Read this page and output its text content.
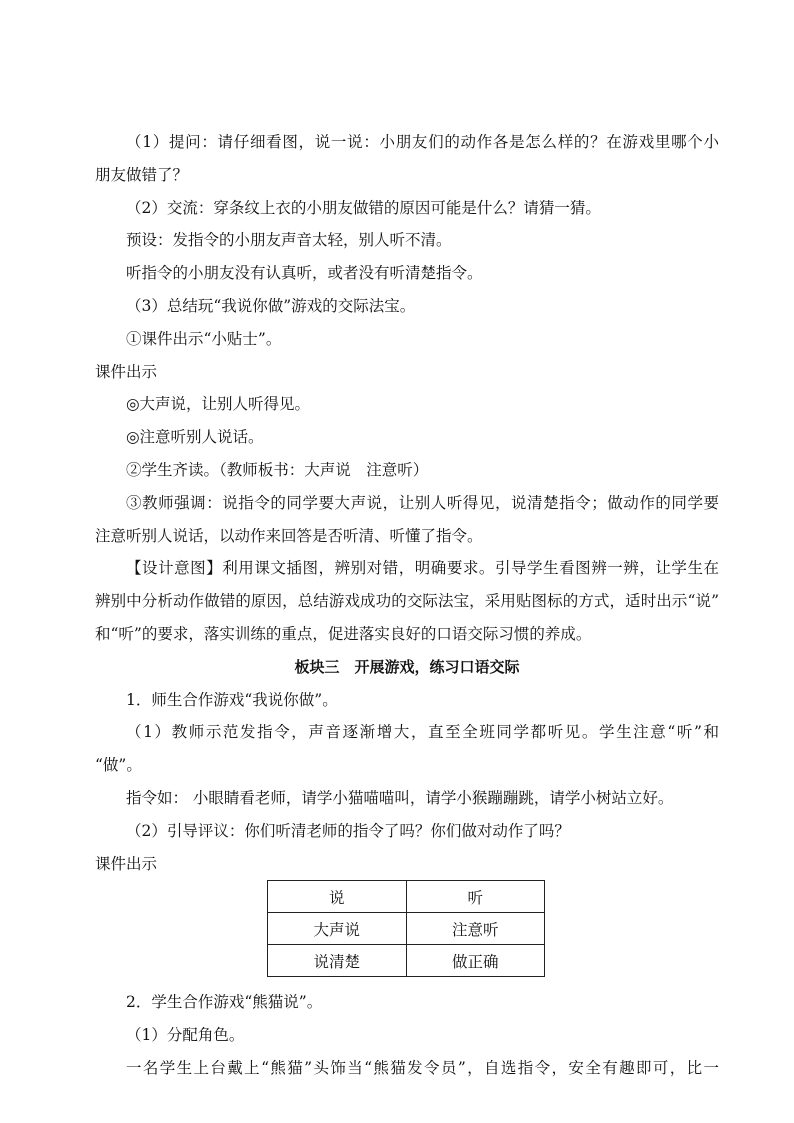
（1）提问：请仔细看图，说一说：小朋友们的动作各是怎么样的？在游戏里哪个小
朋友做错了？
（2）交流：穿条纹上衣的小朋友做错的原因可能是什么？请猜一猜。
预设：发指令的小朋友声音太轻，别人听不清。
听指令的小朋友没有认真听，或者没有听清楚指令。
（3）总结玩“我说你做”游戏的交际法宝。
①课件出示“小贴士”。
课件出示
◎大声说，让别人听得见。
◎注意听别人说话。
②学生齐读。（教师板书：大声说　注意听）
③教师强调：说指令的同学要大声说，让别人听得见，说清楚指令；做动作的同学要
注意听别人说话，以动作来回答是否听清、听懂了指令。
【设计意图】利用课文插图，辨别对错，明确要求。引导学生看图辨一辨，让学生在
辨别中分析动作做错的原因，总结游戏成功的交际法宝，采用贴图标的方式，适时出示“说”
和“听”的要求，落实训练的重点，促进落实良好的口语交际习惯的养成。
板块三　开展游戏，练习口语交际
1．师生合作游戏“我说你做”。
（1）教师示范发指令，声音逐渐增大，直至全班同学都听见。学生注意“听”和
“做”。
指令如： 小眼睛看老师，请学小猫喵喵叫，请学小猴蹦蹦跳，请学小树站立好。
（2）引导评议：你们听清老师的指令了吗？你们做对动作了吗？
课件出示
说	听
大声说	注意听
说清楚	做正确
2．学生合作游戏“熊猫说”。
（1）分配角色。
一名学生上台戴上“熊猫”头饰当“熊猫发令员”，自选指令，安全有趣即可，比一
